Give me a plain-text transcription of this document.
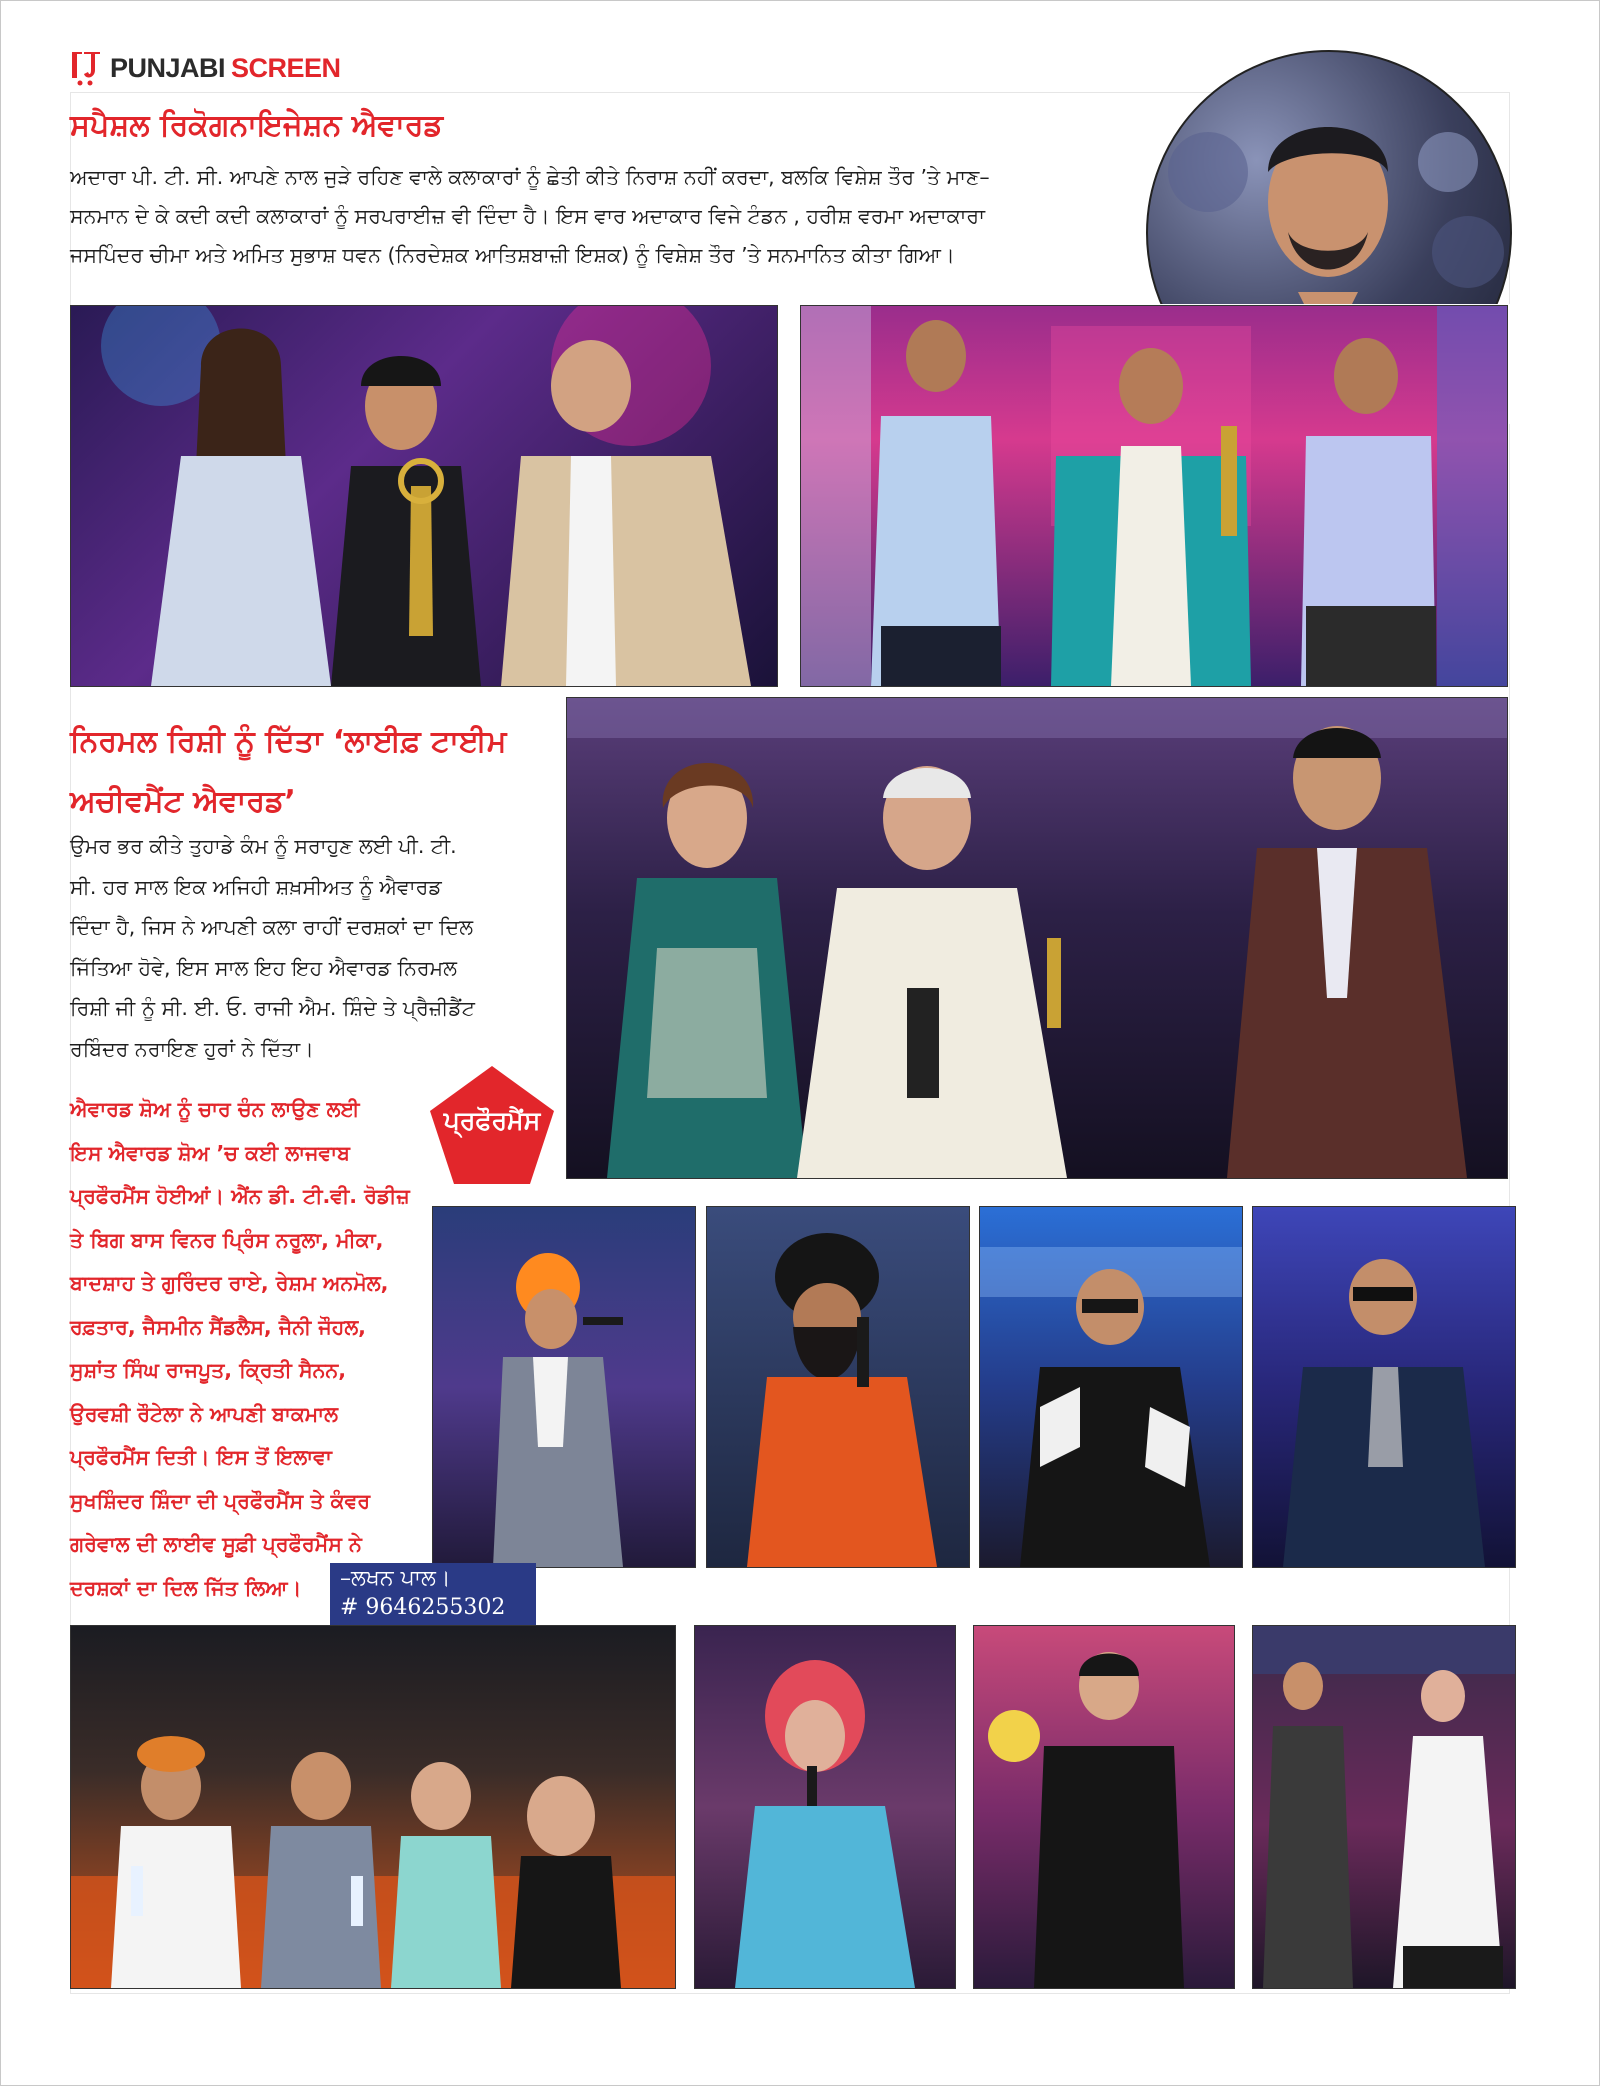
PUNJABI SCREEN
ਸਪੈਸ਼ਲ ਰਿਕੋਗਨਾਇਜੇਸ਼ਨ ਐਵਾਰਡ
ਅਦਾਰਾ ਪੀ. ਟੀ. ਸੀ. ਆਪਣੇ ਨਾਲ ਜੁੜੇ ਰਹਿਣ ਵਾਲੇ ਕਲਾਕਾਰਾਂ ਨੂੰ ਛੇਤੀ ਕੀਤੇ ਨਿਰਾਸ਼ ਨਹੀਂ ਕਰਦਾ, ਬਲਕਿ ਵਿਸ਼ੇਸ਼ ਤੌਰ ’ਤੇ ਮਾਣ–
ਸਨਮਾਨ ਦੇ ਕੇ ਕਦੀ ਕਦੀ ਕਲਾਕਾਰਾਂ ਨੂੰ ਸਰਪਰਾਈਜ਼ ਵੀ ਦਿੰਦਾ ਹੈ। ਇਸ ਵਾਰ ਅਦਾਕਾਰ ਵਿਜੇ ਟੰਡਨ , ਹਰੀਸ਼ ਵਰਮਾ ਅਦਾਕਾਰਾ
ਜਸਪਿੰਦਰ ਚੀਮਾ ਅਤੇ ਅਮਿਤ ਸੁਭਾਸ਼ ਧਵਨ (ਨਿਰਦੇਸ਼ਕ ਆਤਿਸ਼ਬਾਜ਼ੀ ਇਸ਼ਕ) ਨੂੰ ਵਿਸ਼ੇਸ਼ ਤੌਰ ’ਤੇ ਸਨਮਾਨਿਤ ਕੀਤਾ ਗਿਆ।
ਨਿਰਮਲ ਰਿਸ਼ੀ ਨੂੰ ਦਿੱਤਾ ‘ਲਾਈਫ਼ ਟਾਈਮ
ਅਚੀਵਮੈਂਟ ਐਵਾਰਡ’
ਉਮਰ ਭਰ ਕੀਤੇ ਤੁਹਾਡੇ ਕੰਮ ਨੂੰ ਸਰਾਹੁਣ ਲਈ ਪੀ. ਟੀ.
ਸੀ. ਹਰ ਸਾਲ ਇਕ ਅਜਿਹੀ ਸ਼ਖ਼ਸੀਅਤ ਨੂੰ ਐਵਾਰਡ
ਦਿੰਦਾ ਹੈ, ਜਿਸ ਨੇ ਆਪਣੀ ਕਲਾ ਰਾਹੀਂ ਦਰਸ਼ਕਾਂ ਦਾ ਦਿਲ
ਜਿੱਤਿਆ ਹੋਵੇ, ਇਸ ਸਾਲ ਇਹ ਇਹ ਐਵਾਰਡ ਨਿਰਮਲ
ਰਿਸ਼ੀ ਜੀ ਨੂੰ ਸੀ. ਈ. ਓ. ਰਾਜੀ ਐਮ. ਸ਼ਿੰਦੇ ਤੇ ਪ੍ਰੈਜ਼ੀਡੈਂਟ
ਰਬਿੰਦਰ ਨਰਾਇਣ ਹੁਰਾਂ ਨੇ ਦਿੱਤਾ।
ਪ੍ਰਫੌਰਮੈਂਸ
ਐਵਾਰਡ ਸ਼ੋਅ ਨੂੰ ਚਾਰ ਚੰਨ ਲਾਉਣ ਲਈ
ਇਸ ਐਵਾਰਡ ਸ਼ੋਅ ’ਚ ਕਈ ਲਾਜਵਾਬ
ਪ੍ਰਫੌਰਮੈਂਸ ਹੋਈਆਂ। ਐਂਨ ਡੀ. ਟੀ.ਵੀ. ਰੋਡੀਜ਼
ਤੇ ਬਿਗ ਬਾਸ ਵਿਨਰ ਪ੍ਰਿੰਸ ਨਰੂਲਾ, ਮੀਕਾ,
ਬਾਦਸ਼ਾਹ ਤੇ ਗੁਰਿੰਦਰ ਰਾਏ, ਰੇਸ਼ਮ ਅਨਮੋਲ,
ਰਫ਼ਤਾਰ, ਜੈਸਮੀਨ ਸੈਂਡਲੈਸ, ਜੈਨੀ ਜੌਹਲ,
ਸੁਸ਼ਾਂਤ ਸਿੰਘ ਰਾਜਪੂਤ, ਕ੍ਰਿਤੀ ਸੈਨਨ,
ਉਰਵਸ਼ੀ ਰੌਟੇਲਾ ਨੇ ਆਪਣੀ ਬਾਕਮਾਲ
ਪ੍ਰਫੌਰਮੈਂਸ ਦਿਤੀ। ਇਸ ਤੋਂ ਇਲਾਵਾ
ਸੁਖਸ਼ਿੰਦਰ ਸ਼ਿੰਦਾ ਦੀ ਪ੍ਰਫੌਰਮੈਂਸ ਤੇ ਕੰਵਰ
ਗਰੇਵਾਲ ਦੀ ਲਾਈਵ ਸੂਫ਼ੀ ਪ੍ਰਫੌਰਮੈਂਸ ਨੇ
ਦਰਸ਼ਕਾਂ ਦਾ ਦਿਲ ਜਿੱਤ ਲਿਆ।	–ਲਖਨ ਪਾਲ।
# 9646255302
